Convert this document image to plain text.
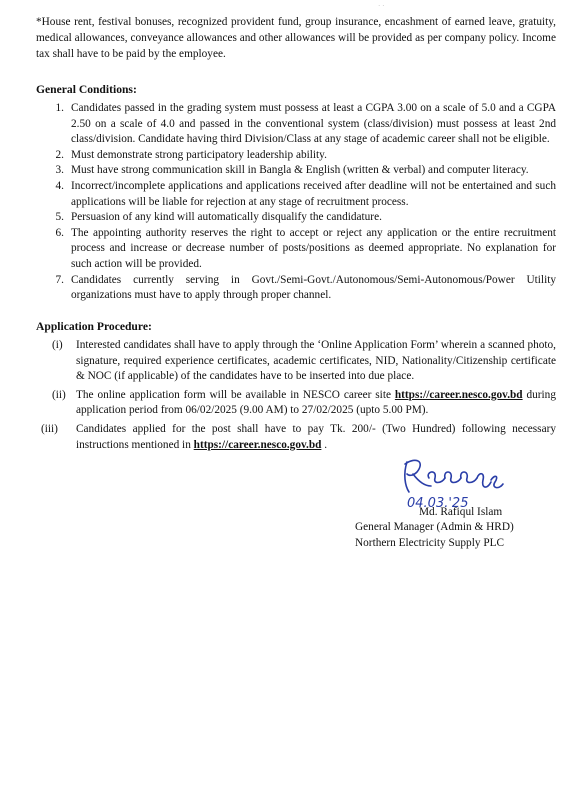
· ·
*House rent, festival bonuses, recognized provident fund, group insurance, encashment of earned leave, gratuity, medical allowances, conveyance allowances and other allowances will be provided as per company policy. Income tax shall have to be paid by the employee.
General Conditions:
1. Candidates passed in the grading system must possess at least a CGPA 3.00 on a scale of 5.0 and a CGPA 2.50 on a scale of 4.0 and passed in the conventional system (class/division) must possess at least 2nd class/division. Candidate having third Division/Class at any stage of academic career shall not be eligible.
2. Must demonstrate strong participatory leadership ability.
3. Must have strong communication skill in Bangla & English (written & verbal) and computer literacy.
4. Incorrect/incomplete applications and applications received after deadline will not be entertained and such applications will be liable for rejection at any stage of recruitment process.
5. Persuasion of any kind will automatically disqualify the candidature.
6. The appointing authority reserves the right to accept or reject any application or the entire recruitment process and increase or decrease number of posts/positions as deemed appropriate. No explanation for such action will be provided.
7. Candidates currently serving in Govt./Semi-Govt./Autonomous/Semi-Autonomous/Power Utility organizations must have to apply through proper channel.
Application Procedure:
(i)	Interested candidates shall have to apply through the ‘Online Application Form’ wherein a scanned photo, signature, required experience certificates, academic certificates, NID, Nationality/Citizenship certificate & NOC (if applicable) of the candidates have to be inserted into due place.
(ii) The online application form will be available in NESCO career site https://career.nesco.gov.bd during application period from 06/02/2025 (9.00 AM) to 27/02/2025 (upto 5.00 PM).
(iii)	Candidates applied for the post shall have to pay Tk. 200/- (Two Hundred) following necessary instructions mentioned in https://career.nesco.gov.bd .
04.03.'25
Md. Rafiqul Islam
General Manager (Admin & HRD)
Northern Electricity Supply PLC
